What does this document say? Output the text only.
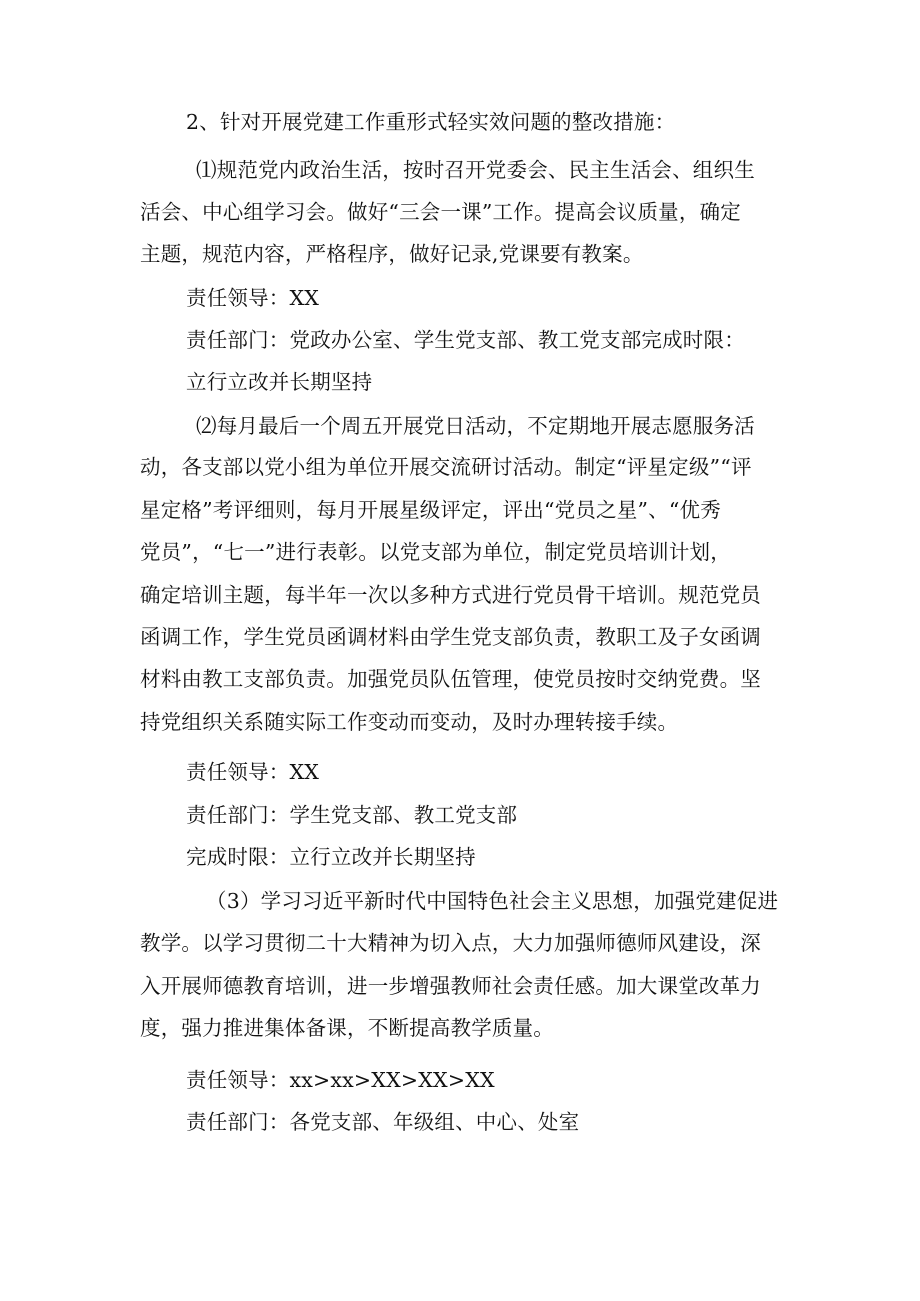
2、针对开展党建工作重形式轻实效问题的整改措施：
⑴规范党内政治生活，按时召开党委会、民主生活会、组织生
活会、中心组学习会。做好“三会一课”工作。提高会议质量，确定
主题，规范内容，严格程序，做好记录,党课要有教案。
责任领导：XX
责任部门：党政办公室、学生党支部、教工党支部完成时限：
立行立改并长期坚持
⑵每月最后一个周五开展党日活动，不定期地开展志愿服务活
动，各支部以党小组为单位开展交流研讨活动。制定“评星定级”“评
星定格”考评细则，每月开展星级评定，评出“党员之星”、“优秀
党员”，“七一”进行表彰。以党支部为单位，制定党员培训计划，
确定培训主题，每半年一次以多种方式进行党员骨干培训。规范党员
函调工作，学生党员函调材料由学生党支部负责，教职工及子女函调
材料由教工支部负责。加强党员队伍管理，使党员按时交纳党费。坚
持党组织关系随实际工作变动而变动，及时办理转接手续。
责任领导：XX
责任部门：学生党支部、教工党支部
完成时限：立行立改并长期坚持
（3）学习习近平新时代中国特色社会主义思想，加强党建促进
教学。以学习贯彻二十大精神为切入点，大力加强师德师风建设，深
入开展师德教育培训，进一步增强教师社会责任感。加大课堂改革力
度，强力推进集体备课，不断提高教学质量。
责任领导：xx>xx>XX>XX>XX
责任部门：各党支部、年级组、中心、处室
